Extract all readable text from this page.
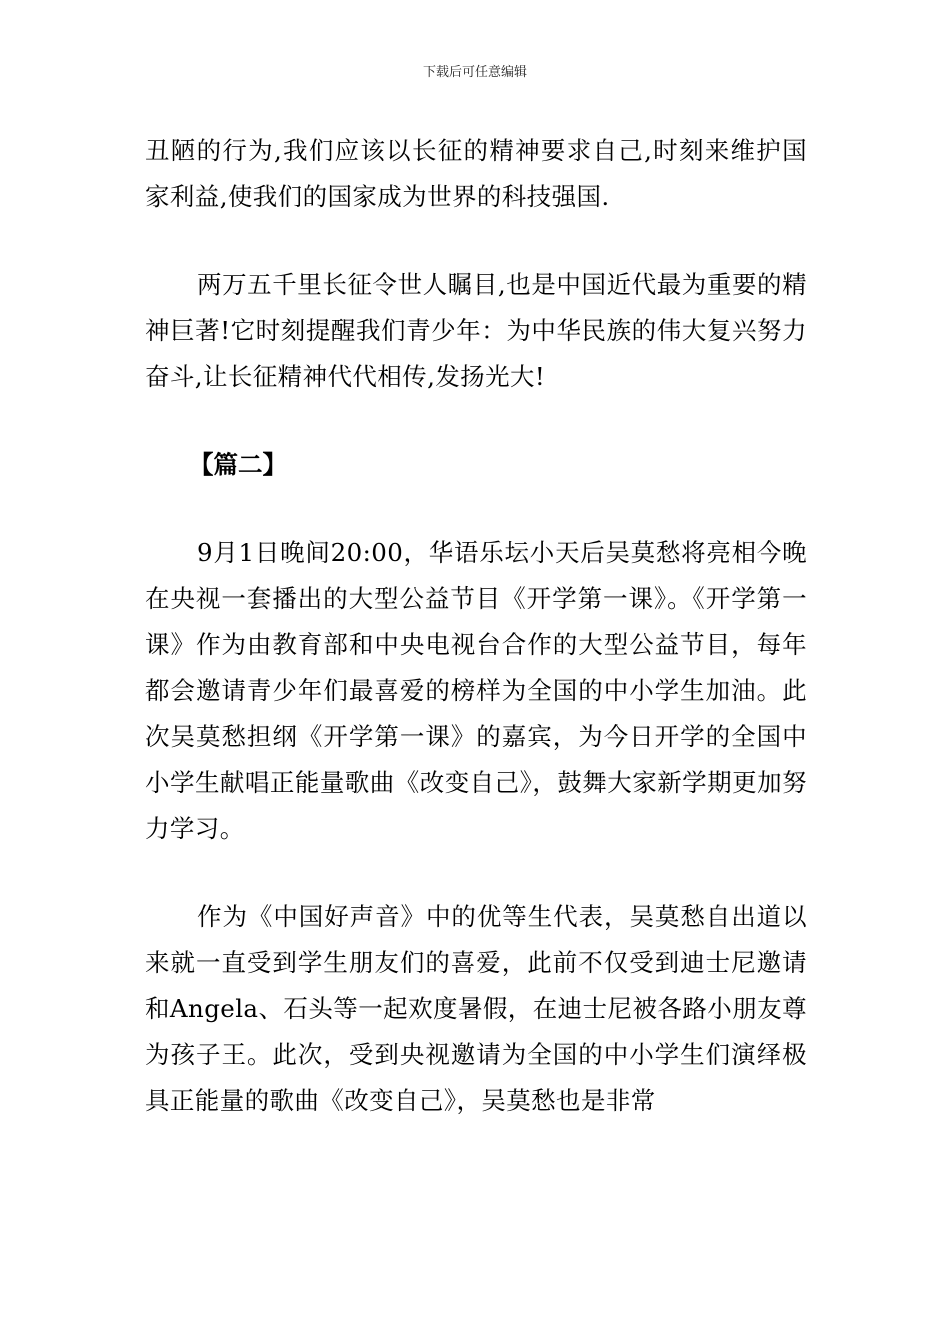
下载后可任意编辑

丑陋的行为,我们应该以长征的精神要求自己,时刻来维护国家利益,使我们的国家成为世界的科技强国.

两万五千里长征令世人瞩目,也是中国近代最为重要的精神巨著!它时刻提醒我们青少年：为中华民族的伟大复兴努力奋斗,让长征精神代代相传,发扬光大!

【篇二】

9月1日晚间20:00，华语乐坛小天后吴莫愁将亮相今晚在央视一套播出的大型公益节目《开学第一课》。《开学第一课》作为由教育部和中央电视台合作的大型公益节目，每年都会邀请青少年们最喜爱的榜样为全国的中小学生加油。此次吴莫愁担纲《开学第一课》的嘉宾，为今日开学的全国中小学生献唱正能量歌曲《改变自己》，鼓舞大家新学期更加努力学习。

作为《中国好声音》中的优等生代表，吴莫愁自出道以来就一直受到学生朋友们的喜爱，此前不仅受到迪士尼邀请和Angela、石头等一起欢度暑假，在迪士尼被各路小朋友尊为孩子王。此次，受到央视邀请为全国的中小学生们演绎极具正能量的歌曲《改变自己》，吴莫愁也是非常
